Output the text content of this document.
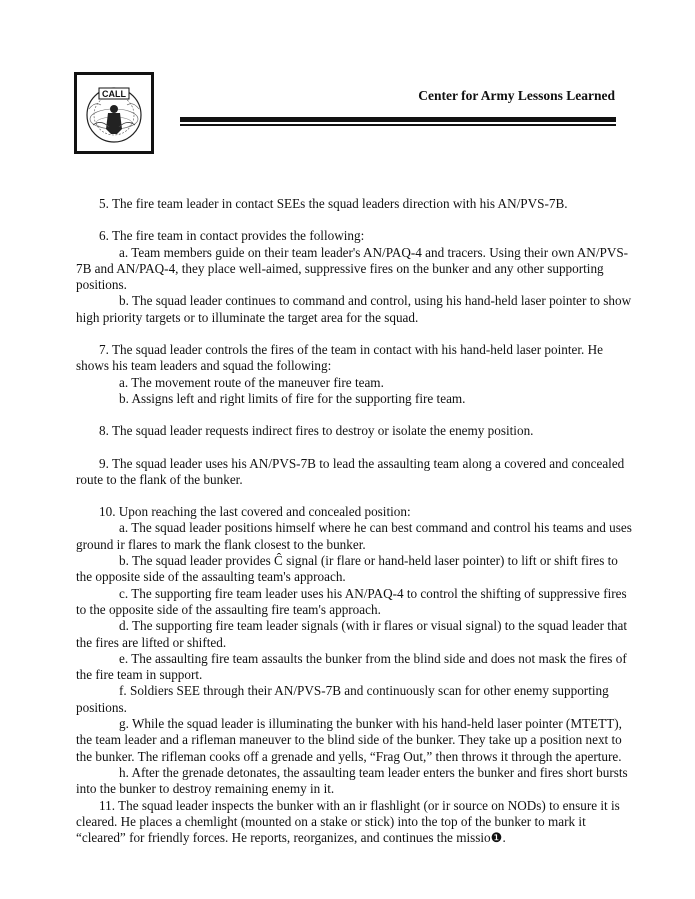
CALL	Center for Army Lessons Learned

5. The fire team leader in contact SEEs the squad leaders direction with his AN/PVS-7B.

6. The fire team in contact provides the following:

a. Team members guide on their team leader's AN/PAQ-4 and tracers. Using their own AN/PVS-7B and AN/PAQ-4, they place well-aimed, suppressive fires on the bunker and any other supporting positions.

b. The squad leader continues to command and control, using his hand-held laser pointer to show high priority targets or to illuminate the target area for the squad.

7. The squad leader controls the fires of the team in contact with his hand-held laser pointer. He shows his team leaders and squad the following:

a. The movement route of the maneuver fire team.

b. Assigns left and right limits of fire for the supporting fire team.

8. The squad leader requests indirect fires to destroy or isolate the enemy position.

9. The squad leader uses his AN/PVS-7B to lead the assaulting team along a covered and concealed route to the flank of the bunker.

10. Upon reaching the last covered and concealed position:

a. The squad leader positions himself where he can best command and control his teams and uses ground ir flares to mark the flank closest to the bunker.

b. The squad leader provides Ĉ signal (ir flare or hand-held laser pointer) to lift or shift fires to the opposite side of the assaulting team's approach.

c. The supporting fire team leader uses his AN/PAQ-4 to control the shifting of suppressive fires to the opposite side of the assaulting fire team's approach.

d. The supporting fire team leader signals (with ir flares or visual signal) to the squad leader that the fires are lifted or shifted.

e. The assaulting fire team assaults the bunker from the blind side and does not mask the fires of the fire team in support.

f. Soldiers SEE through their AN/PVS-7B and continuously scan for other enemy supporting positions.

g. While the squad leader is illuminating the bunker with his hand-held laser pointer (MTETT), the team leader and a rifleman maneuver to the blind side of the bunker. They take up a position next to the bunker. The rifleman cooks off a grenade and yells, “Frag Out,” then throws it through the aperture.

h. After the grenade detonates, the assaulting team leader enters the bunker and fires short bursts into the bunker to destroy remaining enemy in it.

11. The squad leader inspects the bunker with an ir flashlight (or ir source on NODs) to ensure it is cleared. He places a chemlight (mounted on a stake or stick) into the top of the bunker to mark it “cleared” for friendly forces. He reports, reorganizes, and continues the missio❶.
